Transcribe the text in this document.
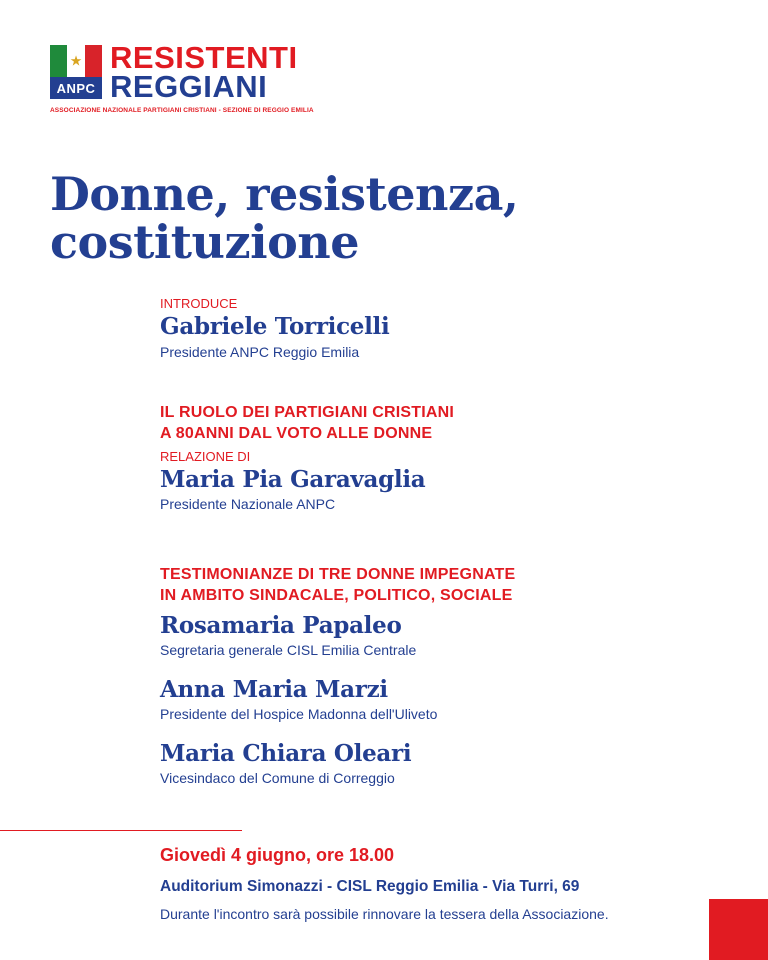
★
ANPC
RESISTENTI
REGGIANI
ASSOCIAZIONE NAZIONALE PARTIGIANI CRISTIANI - SEZIONE DI REGGIO EMILIA
Donne, resistenza,
costituzione
INTRODUCE
Gabriele Torricelli
Presidente ANPC Reggio Emilia
IL RUOLO DEI PARTIGIANI CRISTIANI
A 80ANNI DAL VOTO ALLE DONNE
RELAZIONE DI
Maria Pia Garavaglia
Presidente Nazionale ANPC
TESTIMONIANZE DI TRE DONNE IMPEGNATE
IN AMBITO SINDACALE, POLITICO, SOCIALE
Rosamaria Papaleo
Segretaria generale CISL Emilia Centrale
Anna Maria Marzi
Presidente del Hospice Madonna dell'Uliveto
Maria Chiara Oleari
Vicesindaco del Comune di Correggio
Giovedì 4 giugno, ore 18.00
Auditorium Simonazzi - CISL Reggio Emilia - Via Turri, 69
Durante l'incontro sarà possibile rinnovare la tessera della Associazione.
